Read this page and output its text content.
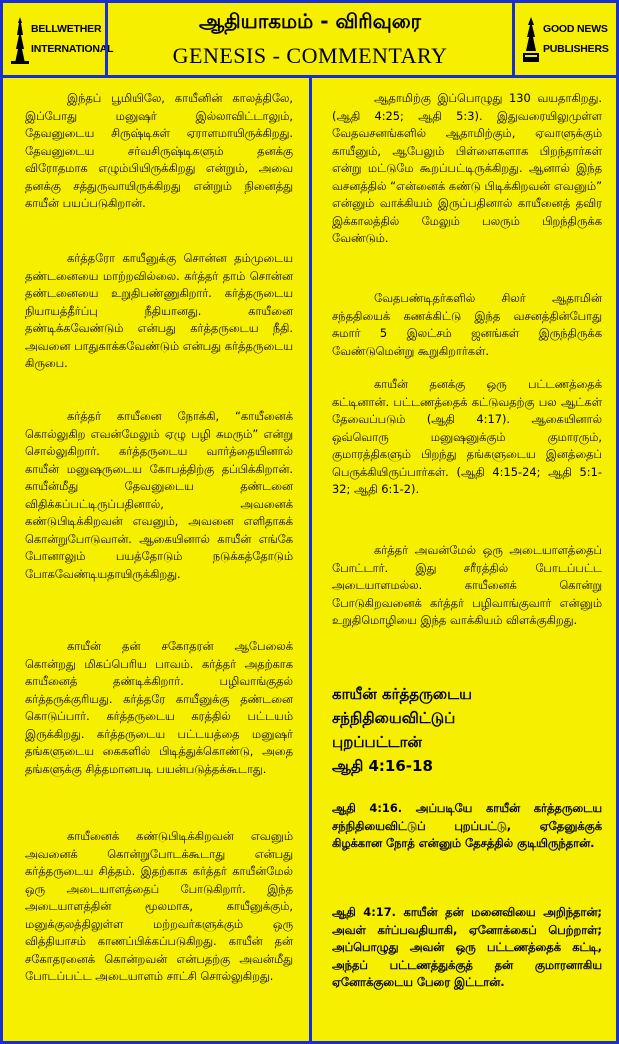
BELLWETHER
INTERNATIONAL
ஆதியாகமம் - விரிவுரை
GENESIS - COMMENTARY
GOOD NEWS
PUBLISHERS
இந்தப் பூமியிலே, காயீனின் காலத்திலே, இப்போது மனுஷர் இல்லாவிட்டாலும், தேவனுடைய சிருஷ்டிகள் ஏராளமாயிருக்கிறது. தேவனுடைய சர்வசிருஷ்டிகளும் தனக்கு விரோதமாக எழும்பியிருக்கிறது என்றும், அவை தனக்கு சத்துருவாயிருக்கிறது என்றும் நினைத்து காயீன் பயப்படுகிறான்.
கர்த்தரோ காயீனுக்கு சொன்ன தம்முடைய தண்டனையை மாற்றவில்லை. கர்த்தர் தாம் சொன்ன தண்டனையை உறுதிபண்ணுகிறார். கர்த்தருடைய நியாயத்தீர்ப்பு நீதியானது. காயீனை தண்டிக்கவேண்டும் என்பது கர்த்தருடைய நீதி. அவனை பாதுகாக்கவேண்டும் என்பது கர்த்தருடைய கிருபை.
கர்த்தர் காயீனை நோக்கி, “காயீனைக் கொல்லுகிற எவன்மேலும் ஏழு பழி சுமரும்” என்று சொல்லுகிறார். கர்த்தருடைய வார்த்தையினால் காயீன் மனுஷருடைய கோபத்திற்கு தப்பிக்கிறான். காயீன்மீது தேவனுடைய தண்டனை விதிக்கப்பட்டிருப்பதினால், அவனைக் கண்டுபிடிக்கிறவன் எவனும், அவனை எளிதாகக் கொன்றுபோடுவான். ஆகையினால் காயீன் எங்கே போனாலும் பயத்தோடும் நடுக்கத்தோடும் போகவேண்டியதாயிருக்கிறது.
காயீன் தன் சகோதரன் ஆபேலைக் கொன்றது மிகப்பெரிய பாவம். கர்த்தர் அதற்காக காயீனைத் தண்டிக்கிறார். பழிவாங்குதல் கர்த்தருக்குரியது. கர்த்தரே காயீனுக்கு தண்டனை கொடுப்பார். கர்த்தருடைய கரத்தில் பட்டயம் இருக்கிறது. கர்த்தருடைய பட்டயத்தை மனுஷர் தங்களுடைய கைகளில் பிடித்துக்கொண்டு, அதை தங்களுக்கு சித்தமானபடி பயன்படுத்தக்கூடாது.
காயீனைக் கண்டுபிடிக்கிறவன் எவனும் அவனைக் கொன்றுபோடக்கூடாது என்பது கர்த்தருடைய சித்தம். இதற்காக கர்த்தர் காயீன்மேல் ஒரு அடையாளத்தைப் போடுகிறார். இந்த அடையாளத்தின் மூலமாக, காயீனுக்கும், மனுக்குலத்திலுள்ள மற்றவர்களுக்கும் ஒரு வித்தியாசம் காணப்பிக்கப்படுகிறது. காயீன் தன் சகோதரனைக் கொன்றவன் என்பதற்கு அவன்மீது போடப்பட்ட அடையாளம் சாட்சி சொல்லுகிறது.
ஆதாமிற்கு இப்பொழுது 130 வயதாகிறது. (ஆதி 4:25; ஆதி 5:3). இதுவரையிலுமுள்ள வேதவசனங்களில் ஆதாமிற்கும், ஏவாளுக்கும் காயீனும், ஆபேலும் பிள்ளைகளாக பிறந்தார்கள் என்று மட்டுமே கூறப்பட்டிருக்கிறது. ஆனால் இந்த வசனத்தில் “என்னைக் கண்டு பிடிக்கிறவன் எவனும்” என்னும் வாக்கியம் இருப்பதினால் காயீனைத் தவிர இக்காலத்தில் மேலும் பலரும் பிறந்திருக்க வேண்டும்.
வேதபண்டிதர்களில் சிலர் ஆதாமின் சந்ததியைக் கணக்கிட்டு இந்த வசனத்தின்போது சுமார் 5 இலட்சம் ஜனங்கள் இருந்திருக்க வேண்டுமென்று கூறுகிறார்கள்.
காயீன் தனக்கு ஒரு பட்டணத்தைக் கட்டினான். பட்டணத்தைக் கட்டுவதற்கு பல ஆட்கள் தேவைப்படும் (ஆதி 4:17). ஆகையினால் ஒவ்வொரு மனுஷனுக்கும் குமாரரும், குமாரத்திகளும் பிறந்து தங்களுடைய இனத்தைப் பெருக்கியிருப்பார்கள். (ஆதி 4:15-24; ஆதி 5:1-32; ஆதி 6:1-2).
கர்த்தர் அவன்மேல் ஒரு அடையாளத்தைப் போட்டார். இது சரீரத்தில் போடப்பட்ட அடையாளமல்ல. காயீனைக் கொன்று போடுகிறவனைக் கர்த்தர் பழிவாங்குவார் என்னும் உறுதிமொழியை இந்த வாக்கியம் விளக்குகிறது.
காயீன் கர்த்தருடைய
சந்நிதியைவிட்டுப்
புறப்பட்டான்
ஆதி 4:16-18
ஆதி 4:16. அப்படியே காயீன் கர்த்தருடைய சந்நிதியைவிட்டுப் புறப்பட்டு, ஏதேனுக்குக் கிழக்கான நோத் என்னும் தேசத்தில் குடியிருந்தான்.
ஆதி 4:17. காயீன் தன் மனைவியை அறிந்தான்; அவள் கர்ப்பவதியாகி, ஏனோக்கைப் பெற்றாள்; அப்பொழுது அவன் ஒரு பட்டணத்தைக் கட்டி, அந்தப் பட்டணத்துக்குத் தன் குமாரனாகிய ஏனோக்குடைய பேரை இட்டான்.
